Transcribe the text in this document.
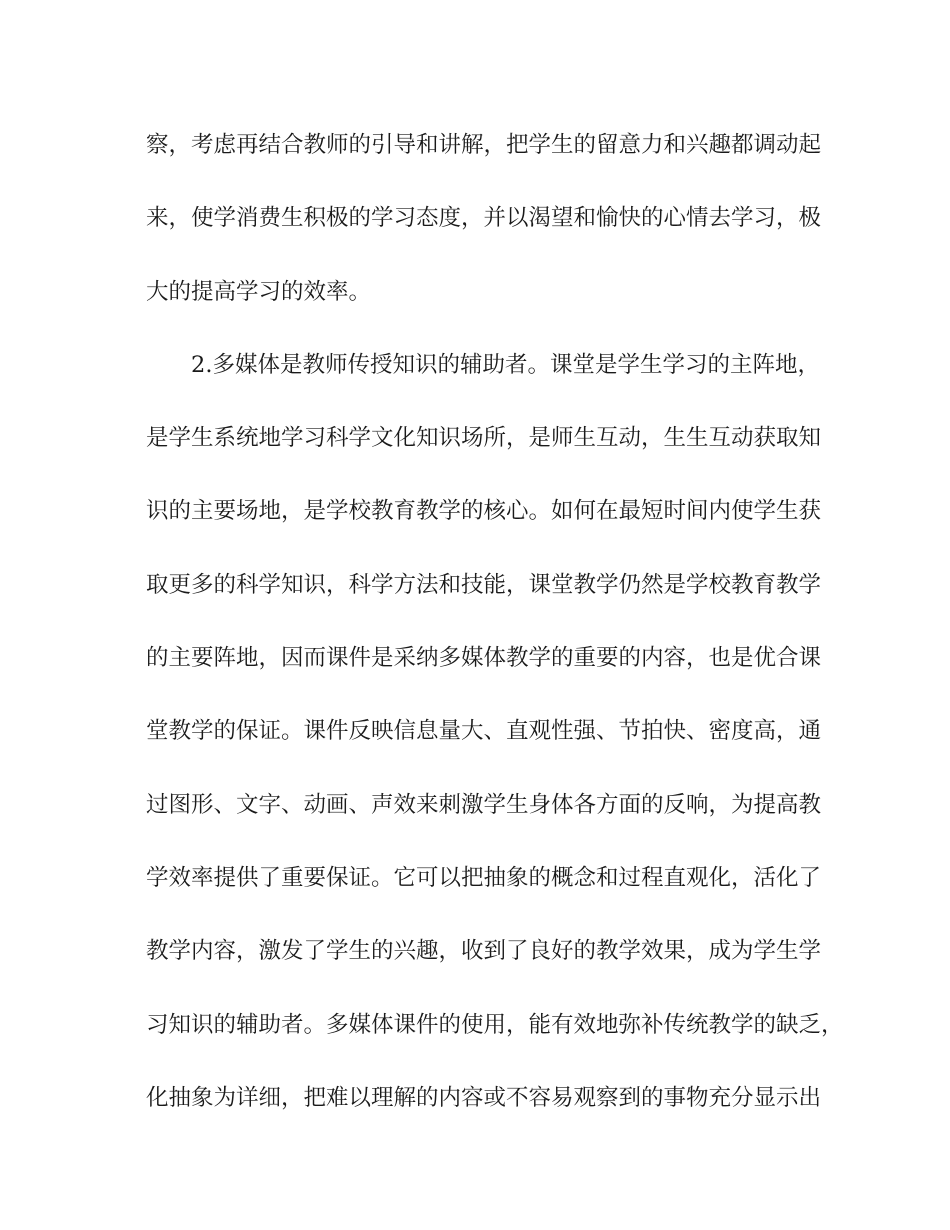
察，考虑再结合教师的引导和讲解，把学生的留意力和兴趣都调动起
来，使学消费生积极的学习态度，并以渴望和愉快的心情去学习，极
大的提高学习的效率。
2.多媒体是教师传授知识的辅助者。课堂是学生学习的主阵地，
是学生系统地学习科学文化知识场所，是师生互动，生生互动获取知
识的主要场地，是学校教育教学的核心。如何在最短时间内使学生获
取更多的科学知识，科学方法和技能，课堂教学仍然是学校教育教学
的主要阵地，因而课件是采纳多媒体教学的重要的内容，也是优合课
堂教学的保证。课件反映信息量大、直观性强、节拍快、密度高，通
过图形、文字、动画、声效来刺激学生身体各方面的反响，为提高教
学效率提供了重要保证。它可以把抽象的概念和过程直观化，活化了
教学内容，激发了学生的兴趣，收到了良好的教学效果，成为学生学
习知识的辅助者。多媒体课件的使用，能有效地弥补传统教学的缺乏，
化抽象为详细，把难以理解的内容或不容易观察到的事物充分显示出
